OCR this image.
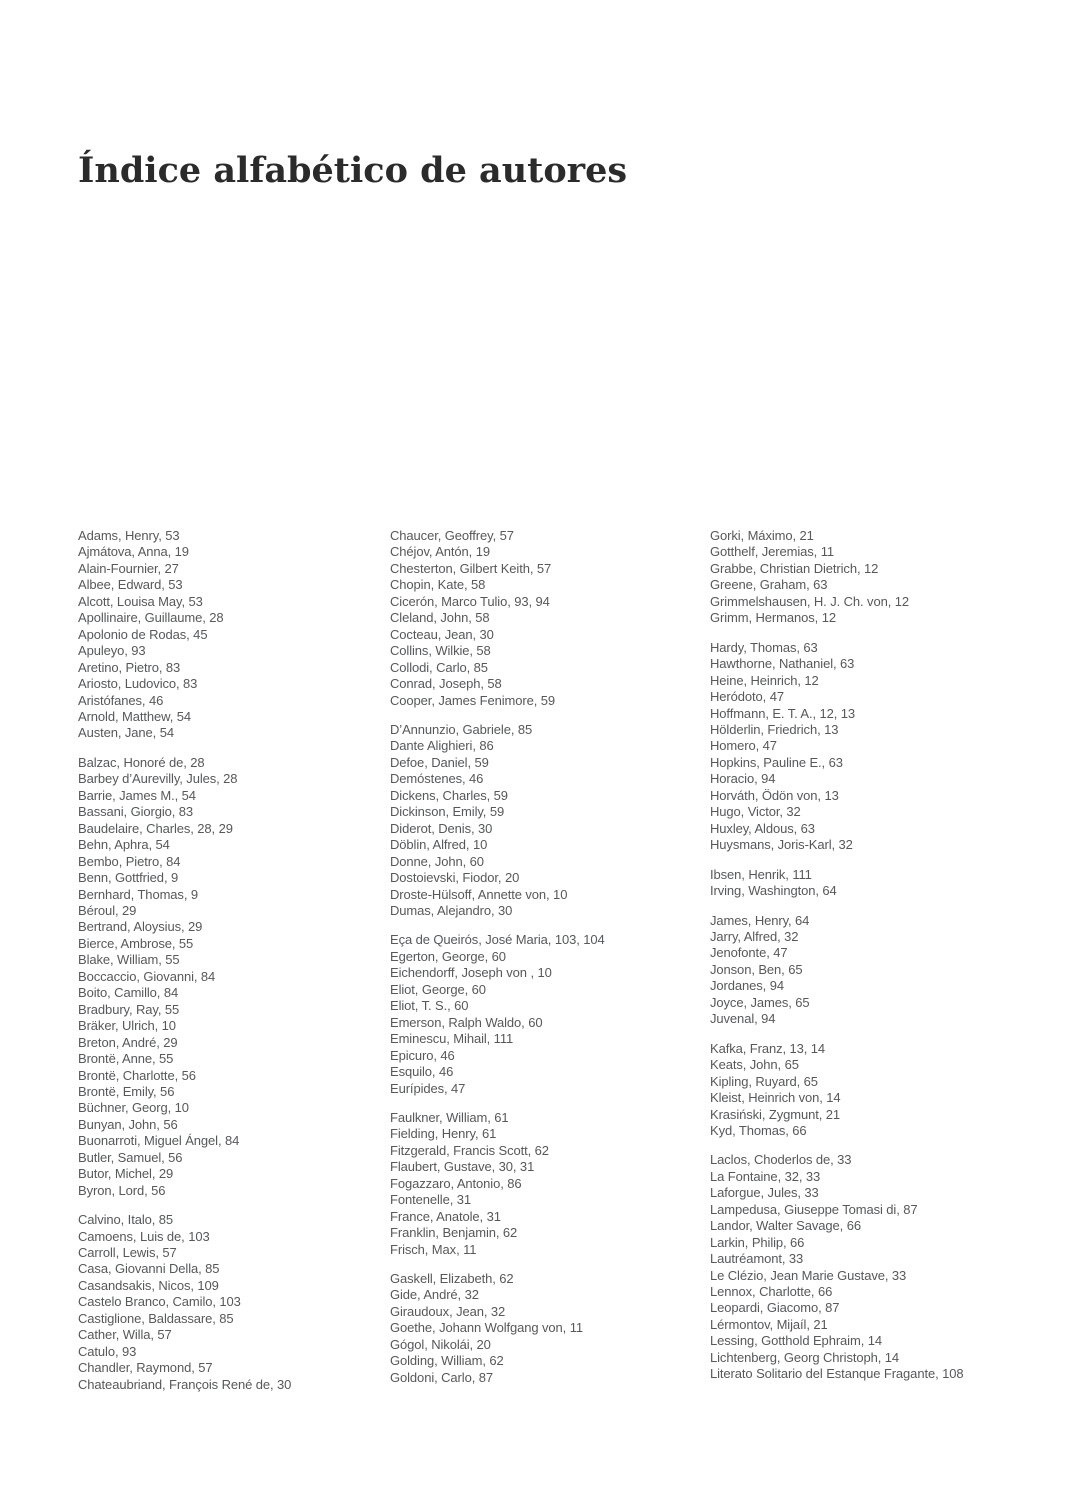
Índice alfabético de autores
Adams, Henry, 53
Ajmátova, Anna, 19
Alain-Fournier, 27
Albee, Edward, 53
Alcott, Louisa May, 53
Apollinaire, Guillaume, 28
Apolonio de Rodas, 45
Apuleyo, 93
Aretino, Pietro, 83
Ariosto, Ludovico, 83
Aristófanes, 46
Arnold, Matthew, 54
Austen, Jane, 54
Balzac, Honoré de, 28
Barbey d’Aurevilly, Jules, 28
Barrie, James M., 54
Bassani, Giorgio, 83
Baudelaire, Charles, 28, 29
Behn, Aphra, 54
Bembo, Pietro, 84
Benn, Gottfried, 9
Bernhard, Thomas, 9
Béroul, 29
Bertrand, Aloysius, 29
Bierce, Ambrose, 55
Blake, William, 55
Boccaccio, Giovanni, 84
Boito, Camillo, 84
Bradbury, Ray, 55
Bräker, Ulrich, 10
Breton, André, 29
Brontë, Anne, 55
Brontë, Charlotte, 56
Brontë, Emily, 56
Büchner, Georg, 10
Bunyan, John, 56
Buonarroti, Miguel Ángel, 84
Butler, Samuel, 56
Butor, Michel, 29
Byron, Lord, 56
Calvino, Italo, 85
Camoens, Luis de, 103
Carroll, Lewis, 57
Casa, Giovanni Della, 85
Casandsakis, Nicos, 109
Castelo Branco, Camilo, 103
Castiglione, Baldassare, 85
Cather, Willa, 57
Catulo, 93
Chandler, Raymond, 57
Chateaubriand, François René de, 30
Chaucer, Geoffrey, 57
Chéjov, Antón, 19
Chesterton, Gilbert Keith, 57
Chopin, Kate, 58
Cicerón, Marco Tulio, 93, 94
Cleland, John, 58
Cocteau, Jean, 30
Collins, Wilkie, 58
Collodi, Carlo, 85
Conrad, Joseph, 58
Cooper, James Fenimore, 59
D’Annunzio, Gabriele, 85
Dante Alighieri, 86
Defoe, Daniel, 59
Demóstenes, 46
Dickens, Charles, 59
Dickinson, Emily, 59
Diderot, Denis, 30
Döblin, Alfred, 10
Donne, John, 60
Dostoievski, Fiodor, 20
Droste-Hülsoff, Annette von, 10
Dumas, Alejandro, 30
Eça de Queirós, José Maria, 103, 104
Egerton, George, 60
Eichendorff, Joseph von , 10
Eliot, George, 60
Eliot, T. S., 60
Emerson, Ralph Waldo, 60
Eminescu, Mihail, 111
Epicuro, 46
Esquilo, 46
Eurípides, 47
Faulkner, William, 61
Fielding, Henry, 61
Fitzgerald, Francis Scott, 62
Flaubert, Gustave, 30, 31
Fogazzaro, Antonio, 86
Fontenelle, 31
France, Anatole, 31
Franklin, Benjamin, 62
Frisch, Max, 11
Gaskell, Elizabeth, 62
Gide, André, 32
Giraudoux, Jean, 32
Goethe, Johann Wolfgang von, 11
Gógol, Nikolái, 20
Golding, William, 62
Goldoni, Carlo, 87
Gorki, Máximo, 21
Gotthelf, Jeremias, 11
Grabbe, Christian Dietrich, 12
Greene, Graham, 63
Grimmelshausen, H. J. Ch. von, 12
Grimm, Hermanos, 12
Hardy, Thomas, 63
Hawthorne, Nathaniel, 63
Heine, Heinrich, 12
Heródoto, 47
Hoffmann, E. T. A., 12, 13
Hölderlin, Friedrich, 13
Homero, 47
Hopkins, Pauline E., 63
Horacio, 94
Horváth, Ödön von, 13
Hugo, Victor, 32
Huxley, Aldous, 63
Huysmans, Joris-Karl, 32
Ibsen, Henrik, 111
Irving, Washington, 64
James, Henry, 64
Jarry, Alfred, 32
Jenofonte, 47
Jonson, Ben, 65
Jordanes, 94
Joyce, James, 65
Juvenal, 94
Kafka, Franz, 13, 14
Keats, John, 65
Kipling, Ruyard, 65
Kleist, Heinrich von, 14
Krasiński, Zygmunt, 21
Kyd, Thomas, 66
Laclos, Choderlos de, 33
La Fontaine, 32, 33
Laforgue, Jules, 33
Lampedusa, Giuseppe Tomasi di, 87
Landor, Walter Savage, 66
Larkin, Philip, 66
Lautréamont, 33
Le Clézio, Jean Marie Gustave, 33
Lennox, Charlotte, 66
Leopardi, Giacomo, 87
Lérmontov, Mijaíl, 21
Lessing, Gotthold Ephraim, 14
Lichtenberg, Georg Christoph, 14
Literato Solitario del Estanque Fragante, 108
